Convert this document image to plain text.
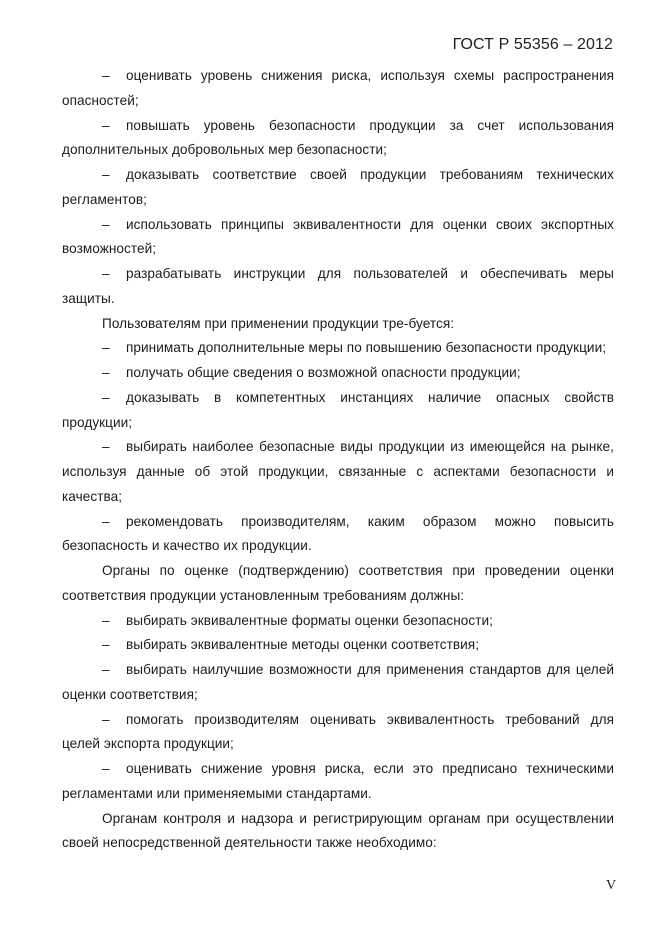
ГОСТ Р 55356 – 2012

– оценивать уровень снижения риска, используя схемы распространения опасностей;

– повышать уровень безопасности продукции за счет использования дополнительных добровольных мер безопасности;

– доказывать соответствие своей продукции требованиям технических регламентов;

– использовать принципы эквивалентности для оценки своих экспортных возможностей;

– разрабатывать инструкции для пользователей и обеспечивать меры защиты.

Пользователям при применении продукции тре-буется:

– принимать дополнительные меры по повышению безопасности продукции;

– получать общие сведения о возможной опасности продукции;

– доказывать в компетентных инстанциях наличие опасных свойств продукции;

– выбирать наиболее безопасные виды продукции из имеющейся на рынке, используя данные об этой продукции, связанные с аспектами безопасности и качества;

– рекомендовать производителям, каким образом можно повысить безопасность и качество их продукции.

Органы по оценке (подтверждению) соответствия при проведении оценки соответствия продукции установленным требованиям должны:

– выбирать эквивалентные форматы оценки безопасности;

– выбирать эквивалентные методы оценки соответствия;

– выбирать наилучшие возможности для применения стандартов для целей оценки соответствия;

– помогать производителям оценивать эквивалентность требований для целей экспорта продукции;

– оценивать снижение уровня риска, если это предписано техническими регламентами или применяемыми стандартами.

Органам контроля и надзора и регистрирующим органам при осуществлении своей непосредственной деятельности также необходимо:

V
